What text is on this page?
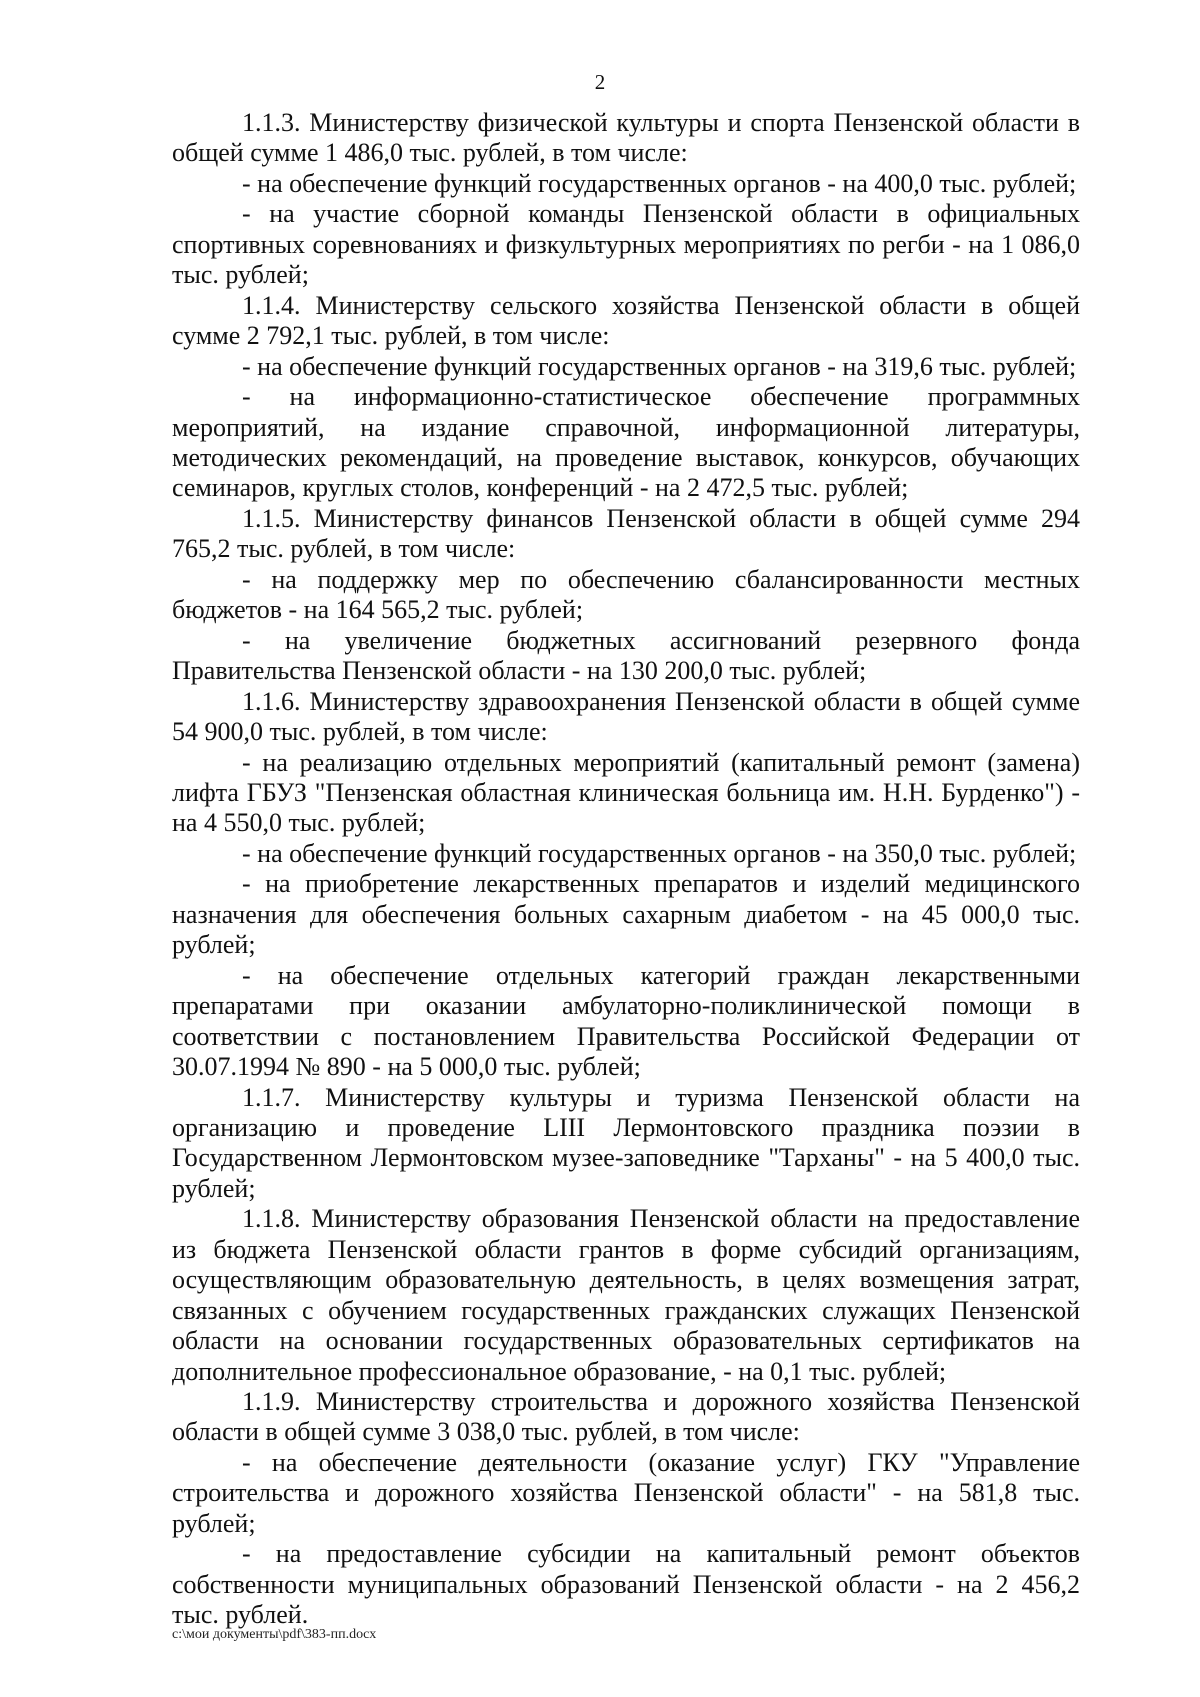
2

1.1.3. Министерству физической культуры и спорта Пензенской области в общей сумме 1 486,0 тыс. рублей, в том числе:

- на обеспечение функций государственных органов - на 400,0 тыс. рублей;

- на участие сборной команды Пензенской области в официальных спортивных соревнованиях и физкультурных мероприятиях по регби - на 1 086,0 тыс. рублей;

1.1.4. Министерству сельского хозяйства Пензенской области в общей сумме 2 792,1 тыс. рублей, в том числе:

- на обеспечение функций государственных органов - на 319,6 тыс. рублей;

- на информационно-статистическое обеспечение программных мероприятий, на издание справочной, информационной литературы, методических рекомендаций, на проведение выставок, конкурсов, обучающих семинаров, круглых столов, конференций - на 2 472,5 тыс. рублей;

1.1.5. Министерству финансов Пензенской области в общей сумме 294 765,2 тыс. рублей, в том числе:

- на поддержку мер по обеспечению сбалансированности местных бюджетов - на 164 565,2 тыс. рублей;

- на увеличение бюджетных ассигнований резервного фонда Правительства Пензенской области - на 130 200,0 тыс. рублей;

1.1.6. Министерству здравоохранения Пензенской области в общей сумме 54 900,0 тыс. рублей, в том числе:

- на реализацию отдельных мероприятий (капитальный ремонт (замена) лифта ГБУЗ "Пензенская областная клиническая больница им. Н.Н. Бурденко") - на 4 550,0 тыс. рублей;

- на обеспечение функций государственных органов - на 350,0 тыс. рублей;

- на приобретение лекарственных препаратов и изделий медицинского назначения для обеспечения больных сахарным диабетом - на 45 000,0 тыс. рублей;

- на обеспечение отдельных категорий граждан лекарственными препаратами при оказании амбулаторно-поликлинической помощи в соответствии с постановлением Правительства Российской Федерации от 30.07.1994 № 890 - на 5 000,0 тыс. рублей;

1.1.7. Министерству культуры и туризма Пензенской области на организацию и проведение LIII Лермонтовского праздника поэзии в Государственном Лермонтовском музее-заповеднике "Тарханы" - на 5 400,0 тыс. рублей;

1.1.8. Министерству образования Пензенской области на предоставление из бюджета Пензенской области грантов в форме субсидий организациям, осуществляющим образовательную деятельность, в целях возмещения затрат, связанных с обучением государственных гражданских служащих Пензенской области на основании государственных образовательных сертификатов на дополнительное профессиональное образование, - на 0,1 тыс. рублей;

1.1.9. Министерству строительства и дорожного хозяйства Пензенской области в общей сумме 3 038,0 тыс. рублей, в том числе:

- на обеспечение деятельности (оказание услуг) ГКУ "Управление строительства и дорожного хозяйства Пензенской области" - на 581,8 тыс. рублей;

- на предоставление субсидии на капитальный ремонт объектов собственности муниципальных образований Пензенской области - на 2 456,2 тыс. рублей.

c:\мои документы\pdf\383-пп.docx
